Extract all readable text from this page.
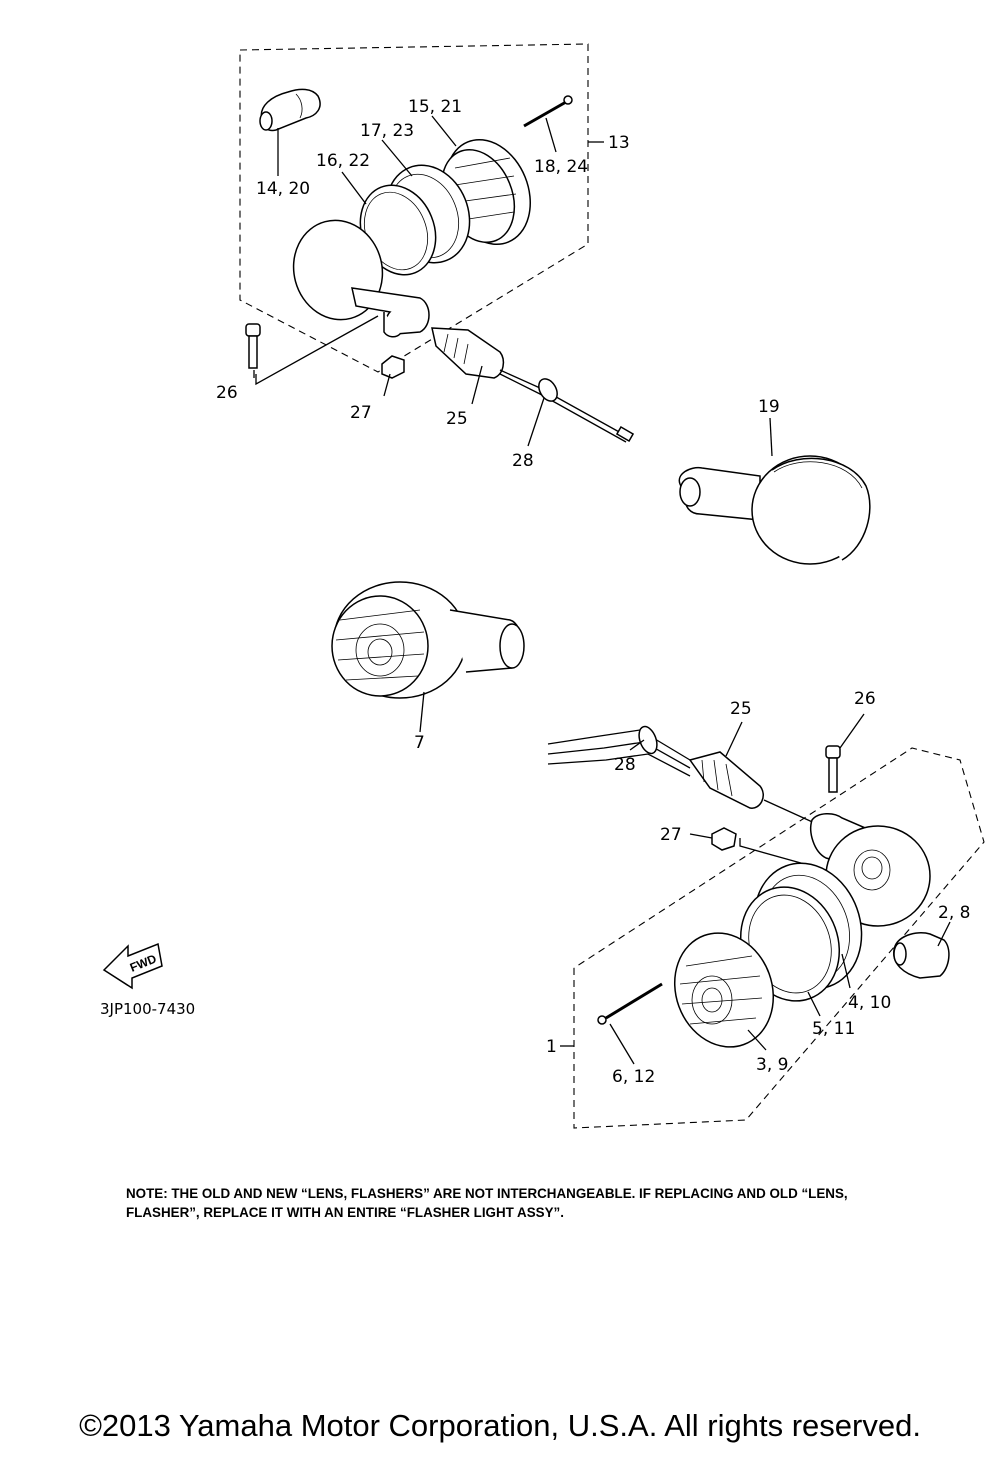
FWD
3JP100-7430
13
14, 20
15, 21
16, 22
17, 23
18, 24
19
25
26
27
28
7
25	26
27
28
1
2, 8
3, 9
4, 10
5, 11
6, 12
NOTE: THE OLD AND NEW “LENS, FLASHERS” ARE NOT INTERCHANGEABLE. IF REPLACING AND OLD “LENS, FLASHER”, REPLACE IT WITH AN ENTIRE “FLASHER LIGHT ASSY”.
©2013 Yamaha Motor Corporation, U.S.A. All rights reserved.
